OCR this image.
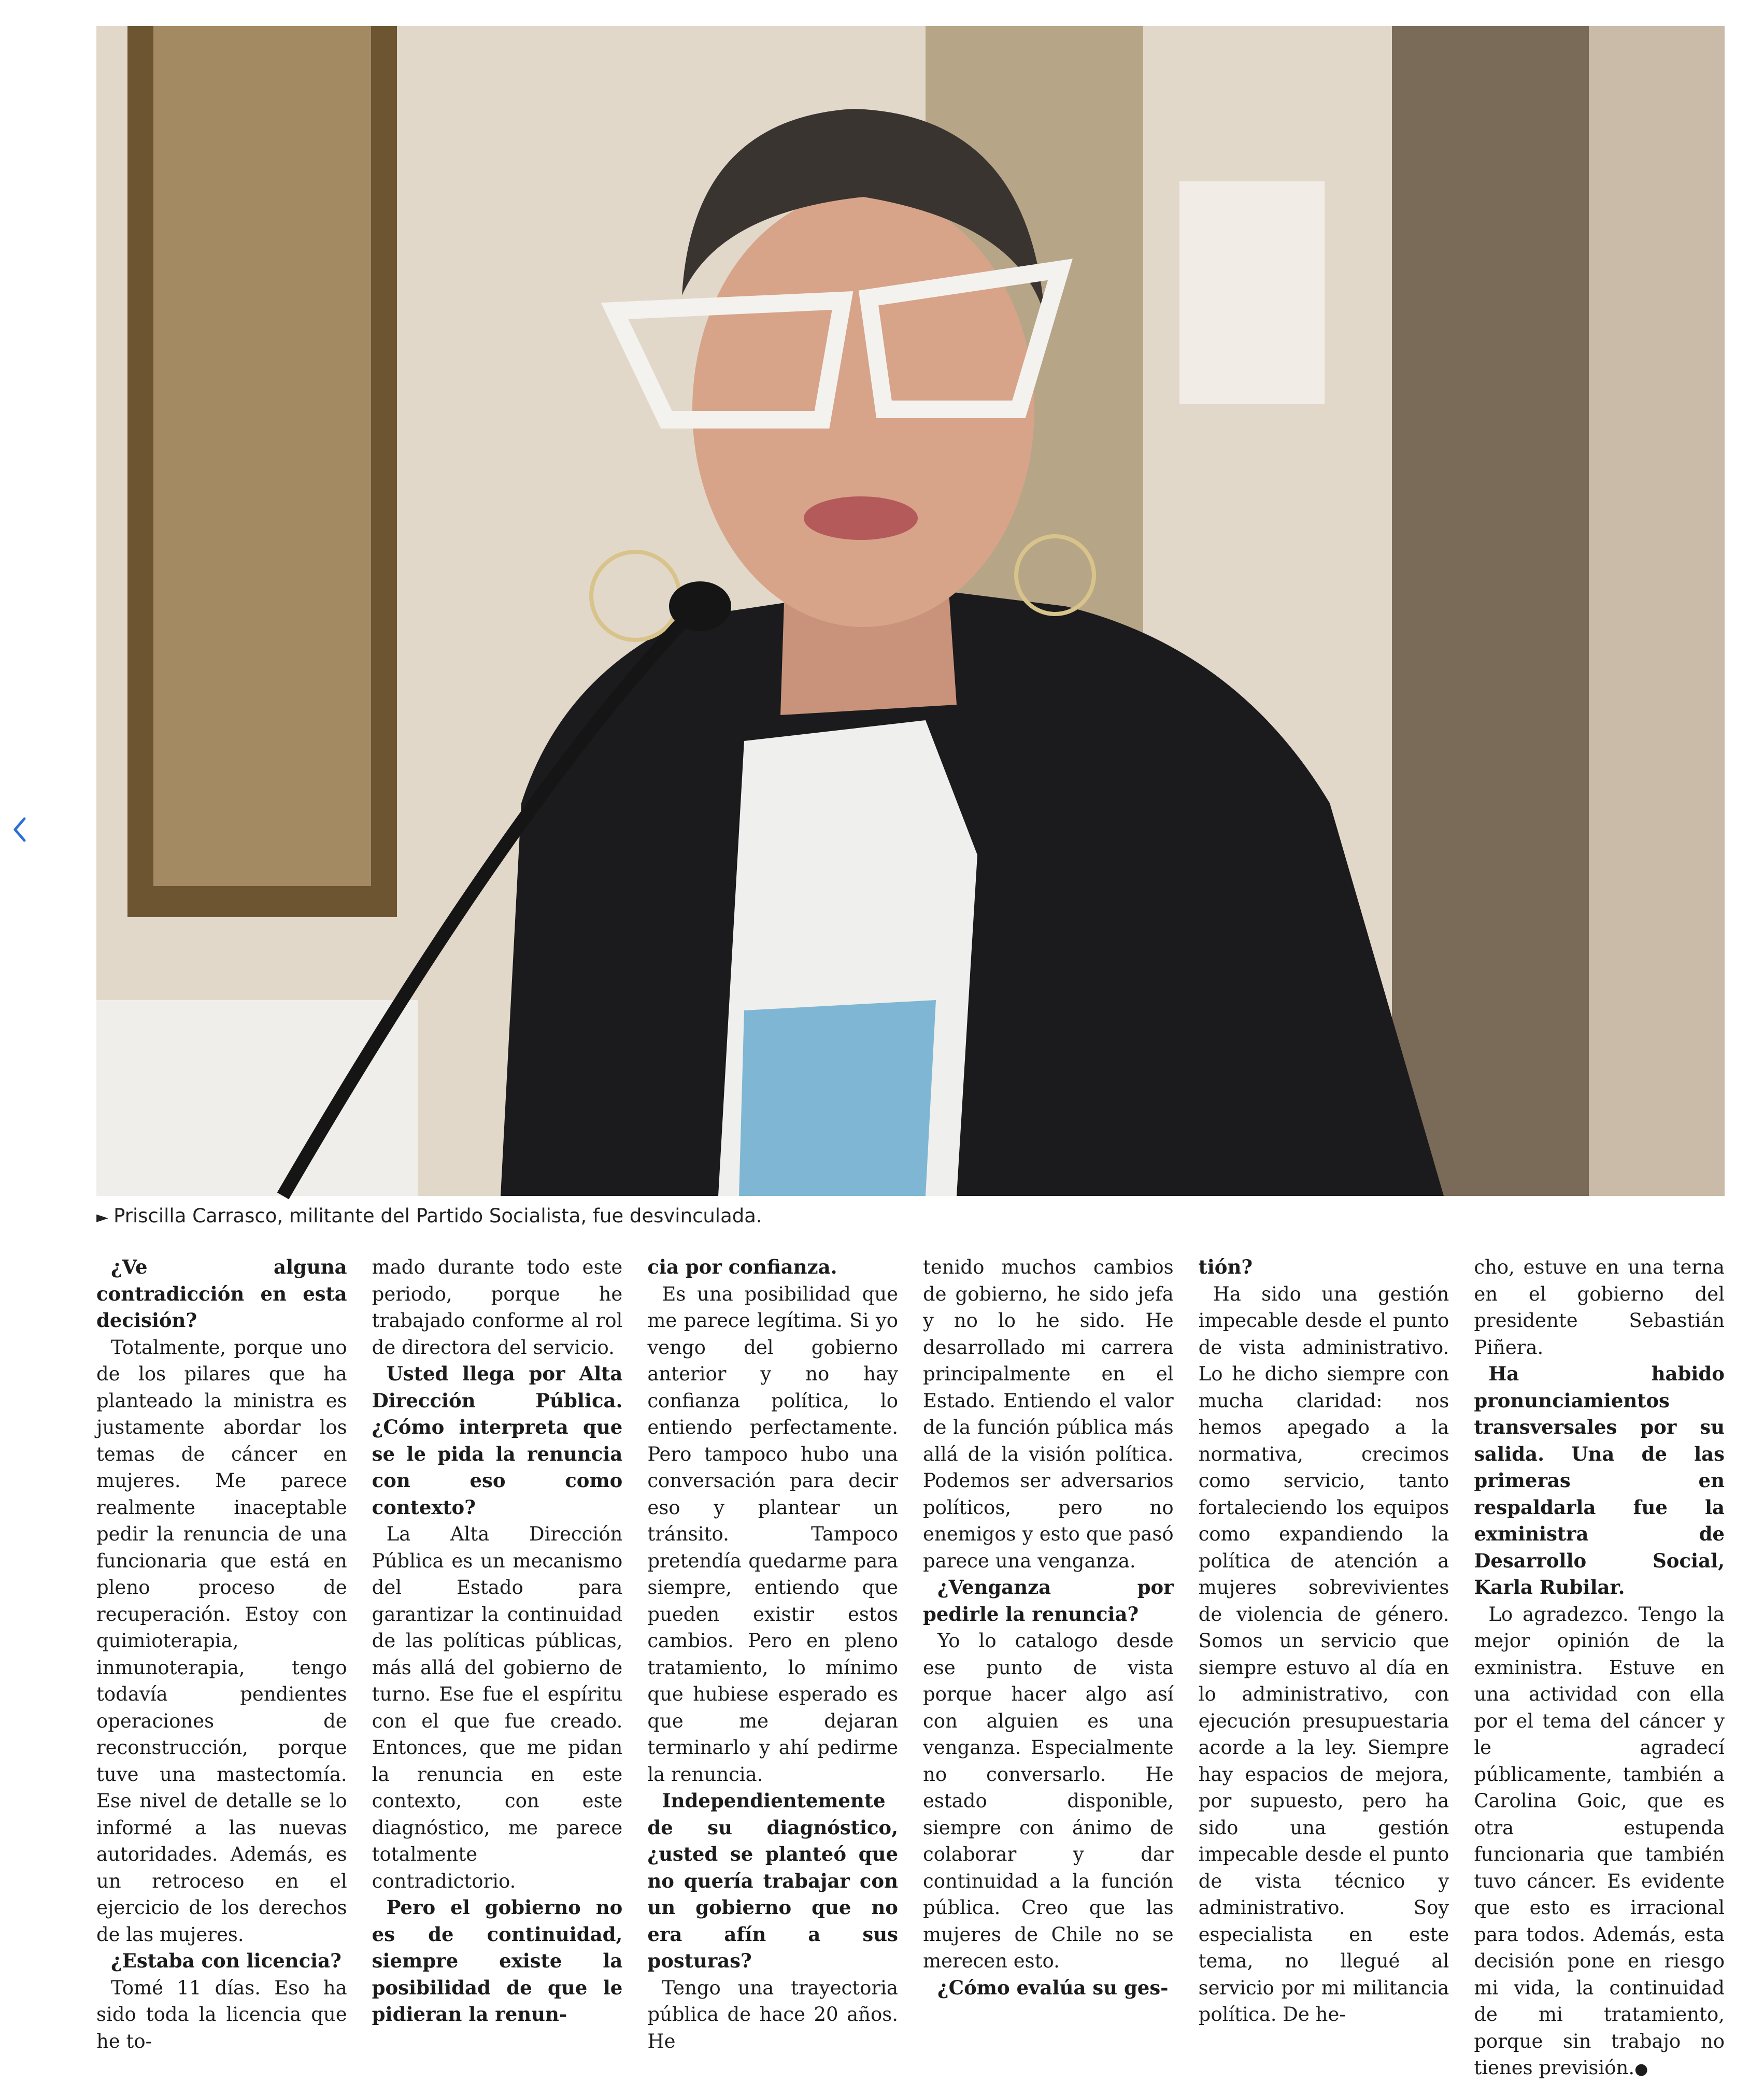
► Priscilla Carrasco, militante del Partido Socialista, fue desvinculada.

¿Ve alguna contradicción en esta decisión?

Totalmente, porque uno de los pilares que ha planteado la ministra es justamente abordar los temas de cáncer en mujeres. Me parece realmente inaceptable pedir la renuncia de una funcionaria que está en pleno proceso de recuperación. Estoy con quimioterapia, inmunoterapia, tengo todavía pendientes operaciones de reconstrucción, porque tuve una mastectomía. Ese nivel de detalle se lo informé a las nuevas autoridades. Además, es un retroceso en el ejercicio de los derechos de las mujeres.

¿Estaba con licencia?

Tomé 11 días. Eso ha sido toda la licencia que he to-

mado durante todo este periodo, porque he trabajado conforme al rol de directora del servicio.

Usted llega por Alta Dirección Pública. ¿Cómo interpreta que se le pida la renuncia con eso como contexto?

La Alta Dirección Pública es un mecanismo del Estado para garantizar la continuidad de las políticas públicas, más allá del gobierno de turno. Ese fue el espíritu con el que fue creado. Entonces, que me pidan la renuncia en este contexto, con este diagnóstico, me parece totalmente contradictorio.

Pero el gobierno no es de continuidad, siempre existe la posibilidad de que le pidieran la renun-

cia por confianza.

Es una posibilidad que me parece legítima. Si yo vengo del gobierno anterior y no hay confianza política, lo entiendo perfectamente. Pero tampoco hubo una conversación para decir eso y plantear un tránsito. Tampoco pretendía quedarme para siempre, entiendo que pueden existir estos cambios. Pero en pleno tratamiento, lo mínimo que hubiese esperado es que me dejaran terminarlo y ahí pedirme la renuncia.

Independientemente de su diagnóstico, ¿usted se planteó que no quería trabajar con un gobierno que no era afín a sus posturas?

Tengo una trayectoria pública de hace 20 años. He

tenido muchos cambios de gobierno, he sido jefa y no lo he sido. He desarrollado mi carrera principalmente en el Estado. Entiendo el valor de la función pública más allá de la visión política. Podemos ser adversarios políticos, pero no enemigos y esto que pasó parece una venganza.

¿Venganza por pedirle la renuncia?

Yo lo catalogo desde ese punto de vista porque hacer algo así con alguien es una venganza. Especialmente no conversarlo. He estado disponible, siempre con ánimo de colaborar y dar continuidad a la función pública. Creo que las mujeres de Chile no se merecen esto.

¿Cómo evalúa su ges-

tión?

Ha sido una gestión impecable desde el punto de vista administrativo. Lo he dicho siempre con mucha claridad: nos hemos apegado a la normativa, crecimos como servicio, tanto fortaleciendo los equipos como expandiendo la política de atención a mujeres sobrevivientes de violencia de género. Somos un servicio que siempre estuvo al día en lo administrativo, con ejecución presupuestaria acorde a la ley. Siempre hay espacios de mejora, por supuesto, pero ha sido una gestión impecable desde el punto de vista técnico y administrativo. Soy especialista en este tema, no llegué al servicio por mi militancia política. De he-

cho, estuve en una terna en el gobierno del presidente Sebastián Piñera.

Ha habido pronunciamientos transversales por su salida. Una de las primeras en respaldarla fue la exministra de Desarrollo Social, Karla Rubilar.

Lo agradezco. Tengo la mejor opinión de la exministra. Estuve en una actividad con ella por el tema del cáncer y le agradecí públicamente, también a Carolina Goic, que es otra estupenda funcionaria que también tuvo cáncer. Es evidente que esto es irracional para todos. Además, esta decisión pone en riesgo mi vida, la continuidad de mi tratamiento, porque sin trabajo no tienes previsión.●
